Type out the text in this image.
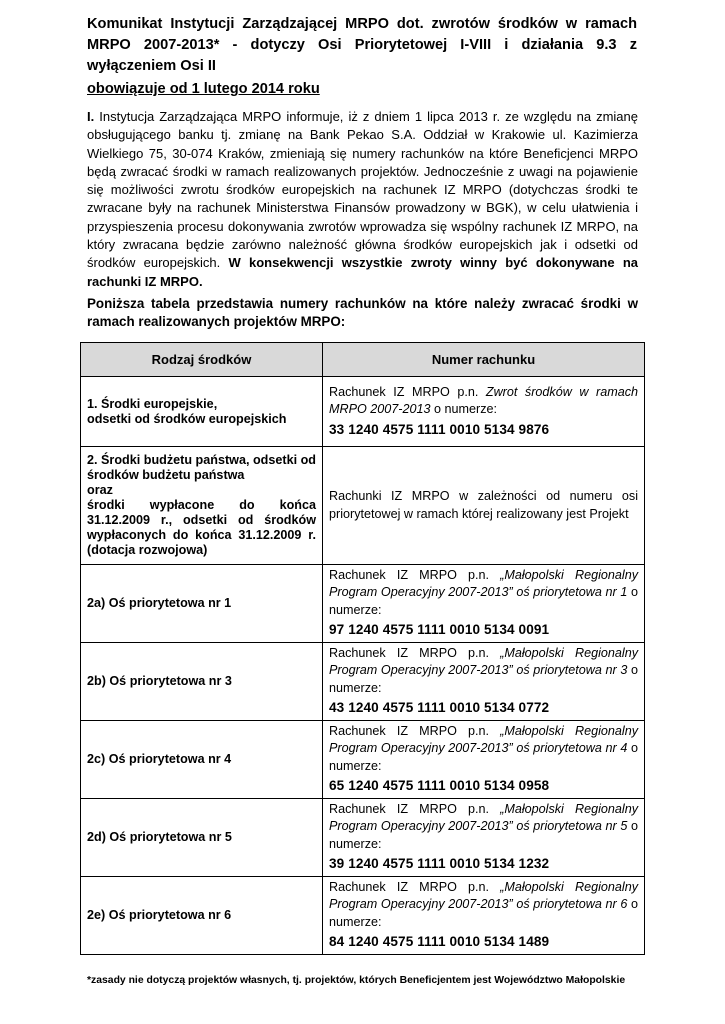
Komunikat Instytucji Zarządzającej MRPO dot. zwrotów środków w ramach MRPO 2007-2013* - dotyczy Osi Priorytetowej I-VIII i działania 9.3 z wyłączeniem Osi II

obowiązuje od 1 lutego 2014 roku

I. Instytucja Zarządzająca MRPO informuje, iż z dniem 1 lipca 2013 r. ze względu na zmianę obsługującego banku tj. zmianę na Bank Pekao S.A. Oddział w Krakowie ul. Kazimierza Wielkiego 75, 30-074 Kraków, zmieniają się numery rachunków na które Beneficjenci MRPO będą zwracać środki w ramach realizowanych projektów. Jednocześnie z uwagi na pojawienie się możliwości zwrotu środków europejskich na rachunek IZ MRPO (dotychczas środki te zwracane były na rachunek Ministerstwa Finansów prowadzony w BGK), w celu ułatwienia i przyspieszenia procesu dokonywania zwrotów wprowadza się wspólny rachunek IZ MRPO, na który zwracana będzie zarówno należność główna środków europejskich jak i odsetki od środków europejskich. W konsekwencji wszystkie zwroty winny być dokonywane na rachunki IZ MRPO.

Poniższa tabela przedstawia numery rachunków na które należy zwracać środki w ramach realizowanych projektów MRPO:

Rodzaj środków	Numer rachunku
1. Środki europejskie,
odsetki od środków europejskich	Rachunek IZ MRPO p.n. Zwrot środków w ramach MRPO 2007-2013 o numerze:
33 1240 4575 1111 0010 5134 9876

2. Środki budżetu państwa, odsetki od środków budżetu państwa
oraz
środki wypłacone do końca 31.12.2009 r., odsetki od środków wypłaconych do końca 31.12.2009 r. (dotacja rozwojowa)	Rachunki IZ MRPO w zależności od numeru osi priorytetowej w ramach której realizowany jest Projekt
2a) Oś priorytetowa nr 1	Rachunek IZ MRPO p.n. „Małopolski Regionalny Program Operacyjny 2007-2013” oś priorytetowa nr 1 o numerze:
97 1240 4575 1111 0010 5134 0091

2b) Oś priorytetowa nr 3	Rachunek IZ MRPO p.n. „Małopolski Regionalny Program Operacyjny 2007-2013” oś priorytetowa nr 3 o numerze:
43 1240 4575 1111 0010 5134 0772

2c) Oś priorytetowa nr 4	Rachunek IZ MRPO p.n. „Małopolski Regionalny Program Operacyjny 2007-2013” oś priorytetowa nr 4 o numerze:
65 1240 4575 1111 0010 5134 0958

2d) Oś priorytetowa nr 5	Rachunek IZ MRPO p.n. „Małopolski Regionalny Program Operacyjny 2007-2013” oś priorytetowa nr 5 o numerze:
39 1240 4575 1111 0010 5134 1232

2e) Oś priorytetowa nr 6	Rachunek IZ MRPO p.n. „Małopolski Regionalny Program Operacyjny 2007-2013” oś priorytetowa nr 6 o numerze:
84 1240 4575 1111 0010 5134 1489

*zasady nie dotyczą projektów własnych, tj. projektów, których Beneficjentem jest Województwo Małopolskie
